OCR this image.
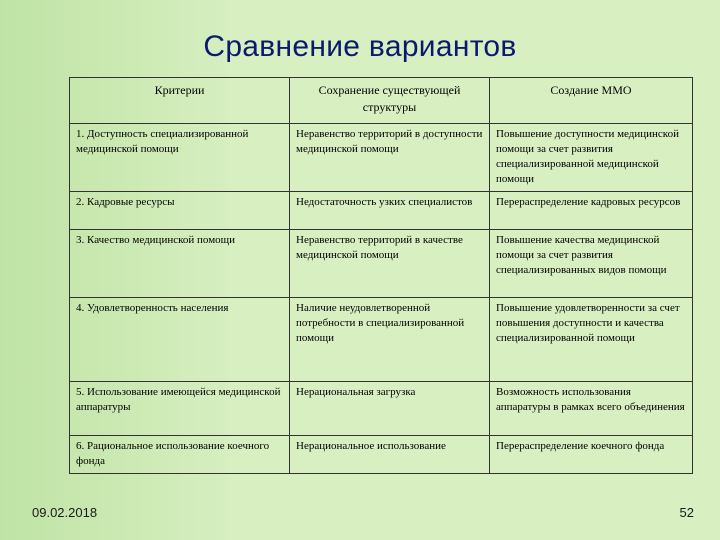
Сравнение вариантов
Критерии	Сохранение существующей структуры	Создание ММО
1. Доступность специализированной медицинской помощи	Неравенство территорий в доступности медицинской помощи	Повышение доступности медицинской помощи за счет развития специализированной медицинской помощи
2. Кадровые ресурсы	Недостаточность узких специалистов	Перераспределение кадровых ресурсов
3. Качество медицинской помощи	Неравенство территорий в качестве медицинской помощи	Повышение качества медицинской помощи за счет развития специализированных видов помощи
4. Удовлетворенность населения	Наличие неудовлетворенной потребности в специализированной помощи	Повышение удовлетворенности за счет повышения доступности и качества специализированной помощи
5. Использование имеющейся медицинской аппаратуры	Нерациональная загрузка	Возможность использования аппаратуры в рамках всего объединения
6. Рациональное использование коечного фонда	Нерациональное использование	Перераспределение коечного фонда
09.02.2018	52
